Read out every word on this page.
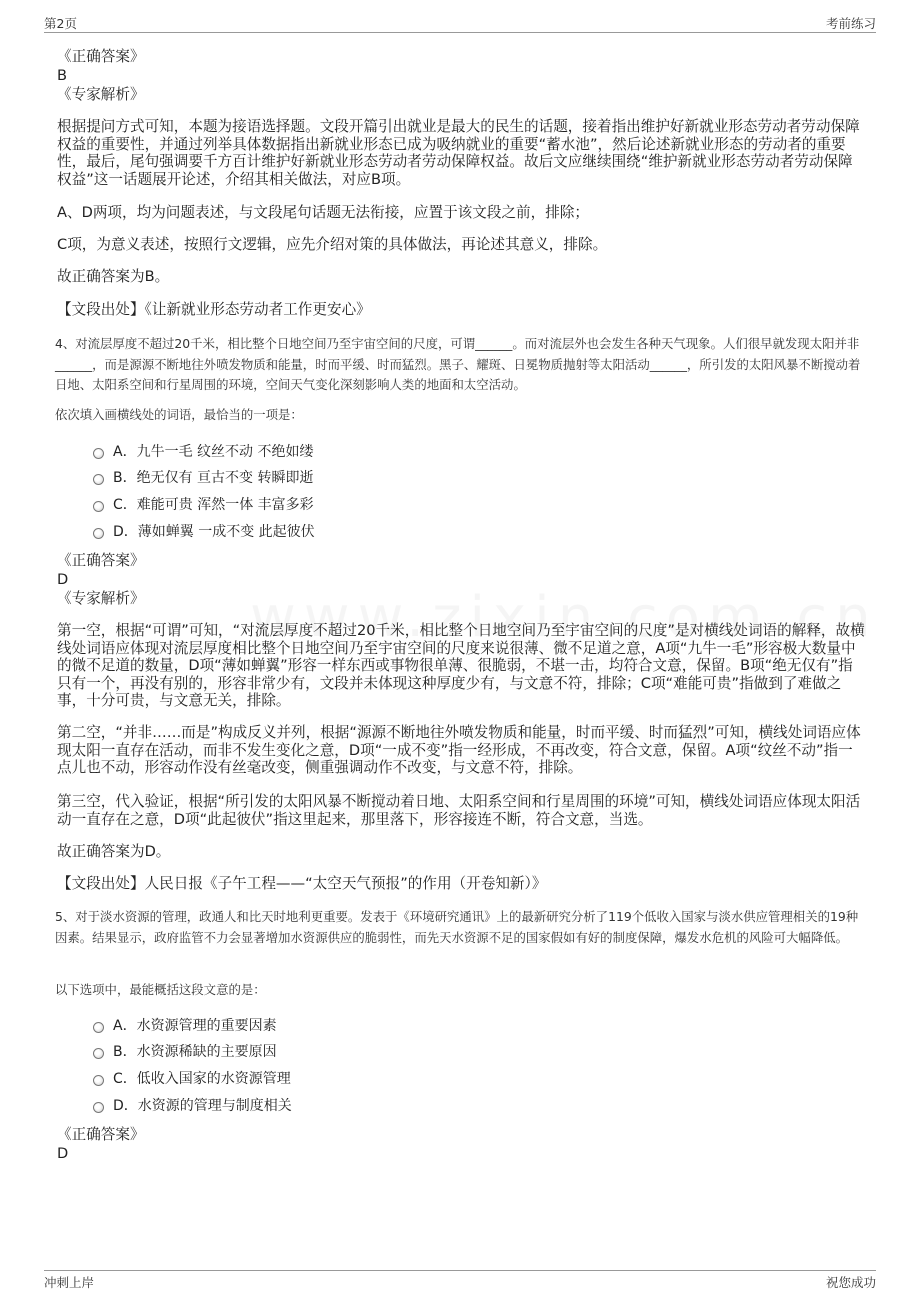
第2页	考前练习
《正确答案》
B
《专家解析》
根据提问方式可知，本题为接语选择题。文段开篇引出就业是最大的民生的话题，接着指出维护好新就业形态劳动者劳动保障权益的重要性，并通过列举具体数据指出新就业形态已成为吸纳就业的重要“蓄水池”，然后论述新就业形态的劳动者的重要性，最后，尾句强调要千方百计维护好新就业形态劳动者劳动保障权益。故后文应继续围绕“维护新就业形态劳动者劳动保障权益”这一话题展开论述，介绍其相关做法，对应B项。
A、D两项，均为问题表述，与文段尾句话题无法衔接，应置于该文段之前，排除；
C项，为意义表述，按照行文逻辑，应先介绍对策的具体做法，再论述其意义，排除。
故正确答案为B。
【文段出处】《让新就业形态劳动者工作更安心》
4、对流层厚度不超过20千米，相比整个日地空间乃至宇宙空间的尺度，可谓______。而对流层外也会发生各种天气现象。人们很早就发现太阳并非______，而是源源不断地往外喷发物质和能量，时而平缓、时而猛烈。黑子、耀斑、日冕物质抛射等太阳活动______，所引发的太阳风暴不断搅动着日地、太阳系空间和行星周围的环境，空间天气变化深刻影响人类的地面和太空活动。
依次填入画横线处的词语，最恰当的一项是：
A．九牛一毛 纹丝不动 不绝如缕
B．绝无仅有 亘古不变 转瞬即逝
C．难能可贵 浑然一体 丰富多彩
D．薄如蝉翼 一成不变 此起彼伏
《正确答案》
D
《专家解析》
第一空，根据“可谓”可知，“对流层厚度不超过20千米，相比整个日地空间乃至宇宙空间的尺度”是对横线处词语的解释，故横线处词语应体现对流层厚度相比整个日地空间乃至宇宙空间的尺度来说很薄、微不足道之意，A项“九牛一毛”形容极大数量中的微不足道的数量，D项“薄如蝉翼”形容一样东西或事物很单薄、很脆弱，不堪一击，均符合文意，保留。B项“绝无仅有”指只有一个，再没有别的，形容非常少有，文段并未体现这种厚度少有，与文意不符，排除；C项“难能可贵”指做到了难做之事，十分可贵，与文意无关，排除。
第二空，“并非……而是”构成反义并列，根据“源源不断地往外喷发物质和能量，时而平缓、时而猛烈”可知，横线处词语应体现太阳一直存在活动，而非不发生变化之意，D项“一成不变”指一经形成，不再改变，符合文意，保留。A项“纹丝不动”指一点儿也不动，形容动作没有丝毫改变，侧重强调动作不改变，与文意不符，排除。
第三空，代入验证，根据“所引发的太阳风暴不断搅动着日地、太阳系空间和行星周围的环境”可知，横线处词语应体现太阳活动一直存在之意，D项“此起彼伏”指这里起来，那里落下，形容接连不断，符合文意，当选。
故正确答案为D。
【文段出处】人民日报《子午工程——“太空天气预报”的作用（开卷知新）》
5、对于淡水资源的管理，政通人和比天时地利更重要。发表于《环境研究通讯》上的最新研究分析了119个低收入国家与淡水供应管理相关的19种因素。结果显示，政府监管不力会显著增加水资源供应的脆弱性，而先天水资源不足的国家假如有好的制度保障，爆发水危机的风险可大幅降低。
以下选项中，最能概括这段文意的是：
A．水资源管理的重要因素
B．水资源稀缺的主要原因
C．低收入国家的水资源管理
D．水资源的管理与制度相关
《正确答案》
D
冲刺上岸	祝您成功
